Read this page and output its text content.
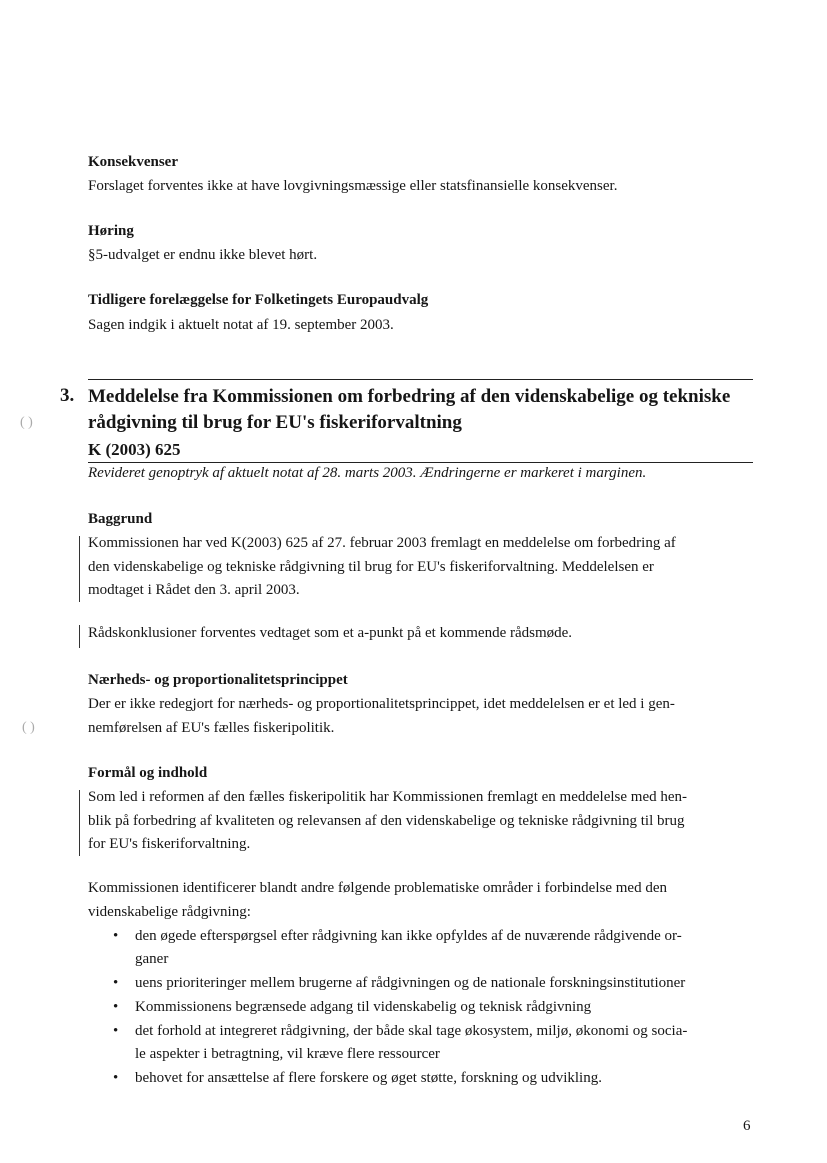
( )
( )
Konsekvenser
Forslaget forventes ikke at have lovgivningsmæssige eller statsfinansielle konsekvenser.
Høring
§5-udvalget er endnu ikke blevet hørt.
Tidligere forelæggelse for Folketingets Europaudvalg
Sagen indgik i aktuelt notat af 19. september 2003.
3. Meddelelse fra Kommissionen om forbedring af den videnskabelige og tekniske
rådgivning til brug for EU's fiskeriforvaltning
K (2003) 625
Revideret genoptryk af aktuelt notat af 28. marts 2003. Ændringerne er markeret i marginen.
Baggrund
Kommissionen har ved K(2003) 625 af 27. februar 2003 fremlagt en meddelelse om forbedring af
den videnskabelige og tekniske rådgivning til brug for EU's fiskeriforvaltning. Meddelelsen er
modtaget i Rådet den 3. april 2003.
Rådskonklusioner forventes vedtaget som et a-punkt på et kommende rådsmøde.
Nærheds- og proportionalitetsprincippet
Der er ikke redegjort for nærheds- og proportionalitetsprincippet, idet meddelelsen er et led i gen-
nemførelsen af EU's fælles fiskeripolitik.
Formål og indhold
Som led i reformen af den fælles fiskeripolitik har Kommissionen fremlagt en meddelelse med hen-
blik på forbedring af kvaliteten og relevansen af den videnskabelige og tekniske rådgivning til brug
for EU's fiskeriforvaltning.
Kommissionen identificerer blandt andre følgende problematiske områder i forbindelse med den
videnskabelige rådgivning:
• den øgede efterspørgsel efter rådgivning kan ikke opfyldes af de nuværende rådgivende or-
ganer
• uens prioriteringer mellem brugerne af rådgivningen og de nationale forskningsinstitutioner
• Kommissionens begrænsede adgang til videnskabelig og teknisk rådgivning
• det forhold at integreret rådgivning, der både skal tage økosystem, miljø, økonomi og socia-
le aspekter i betragtning, vil kræve flere ressourcer
• behovet for ansættelse af flere forskere og øget støtte, forskning og udvikling.
6
